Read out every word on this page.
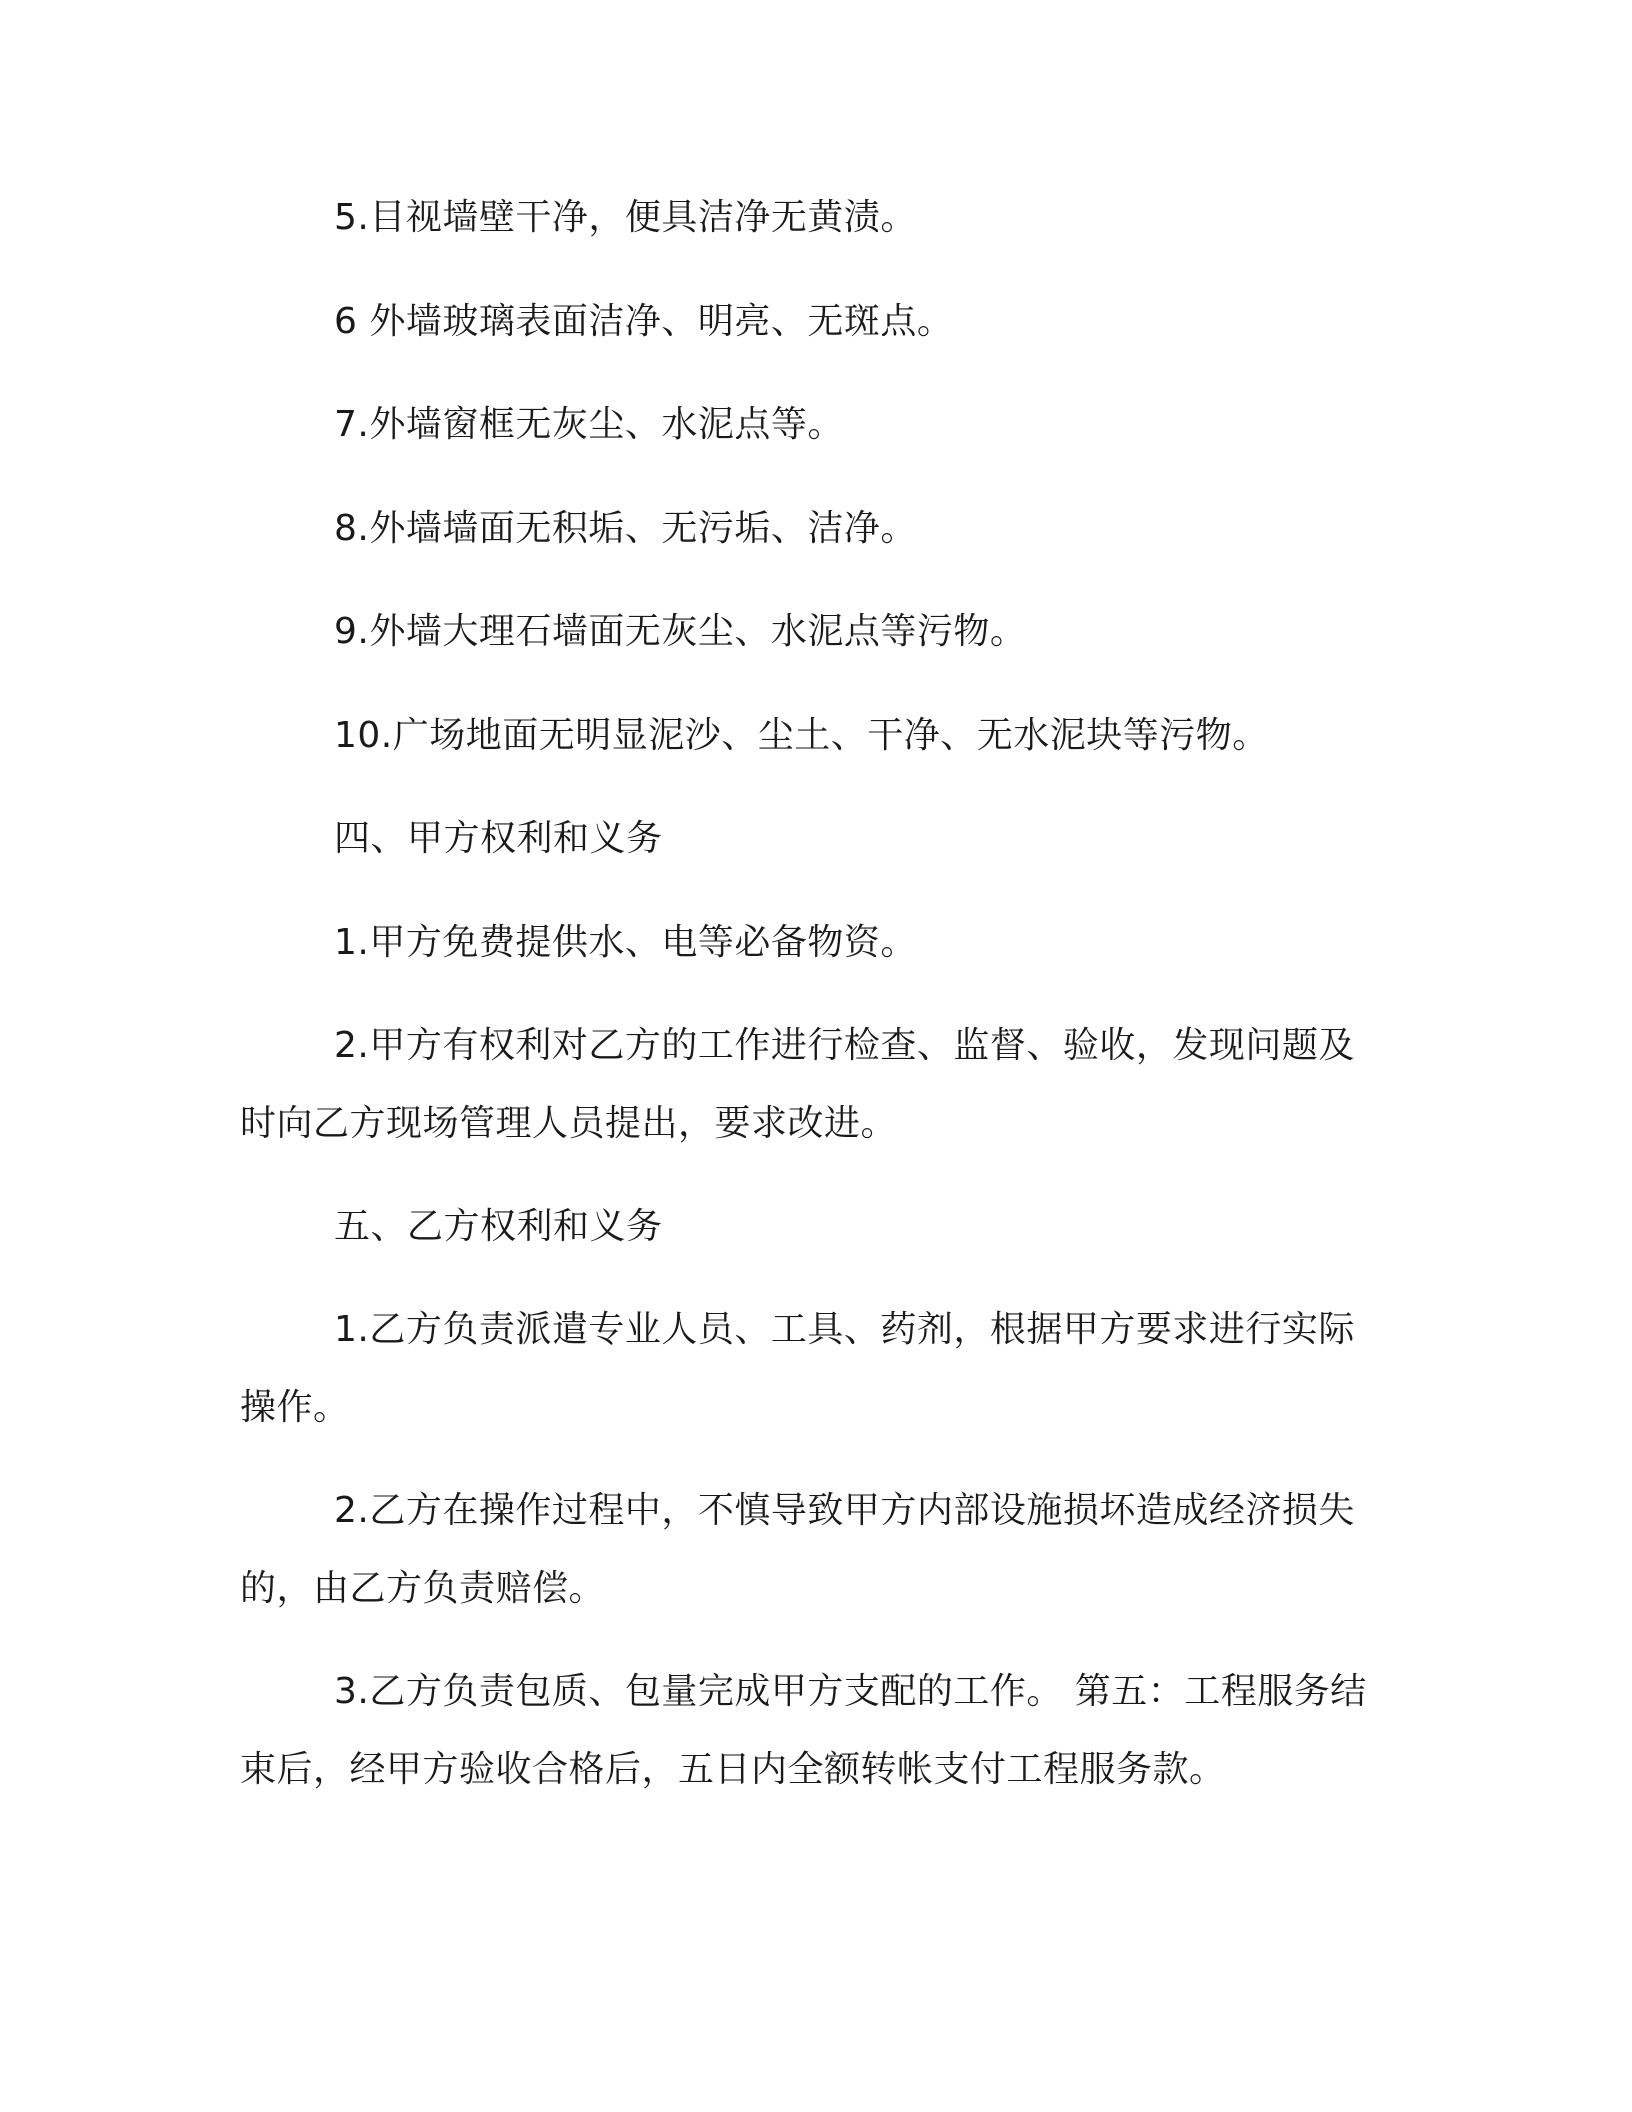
5.目视墙壁干净，便具洁净无黄渍。

6 外墙玻璃表面洁净、明亮、无斑点。

7.外墙窗框无灰尘、水泥点等。

8.外墙墙面无积垢、无污垢、洁净。

9.外墙大理石墙面无灰尘、水泥点等污物。

10.广场地面无明显泥沙、尘土、干净、无水泥块等污物。

四、甲方权利和义务

1.甲方免费提供水、电等必备物资。

2.甲方有权利对乙方的工作进行检查、监督、验收，发现问题及时向乙方现场管理人员提出，要求改进。

五、乙方权利和义务

1.乙方负责派遣专业人员、工具、药剂，根据甲方要求进行实际操作。

2.乙方在操作过程中，不慎导致甲方内部设施损坏造成经济损失的，由乙方负责赔偿。

3.乙方负责包质、包量完成甲方支配的工作。 第五：工程服务结束后，经甲方验收合格后，五日内全额转帐支付工程服务款。
